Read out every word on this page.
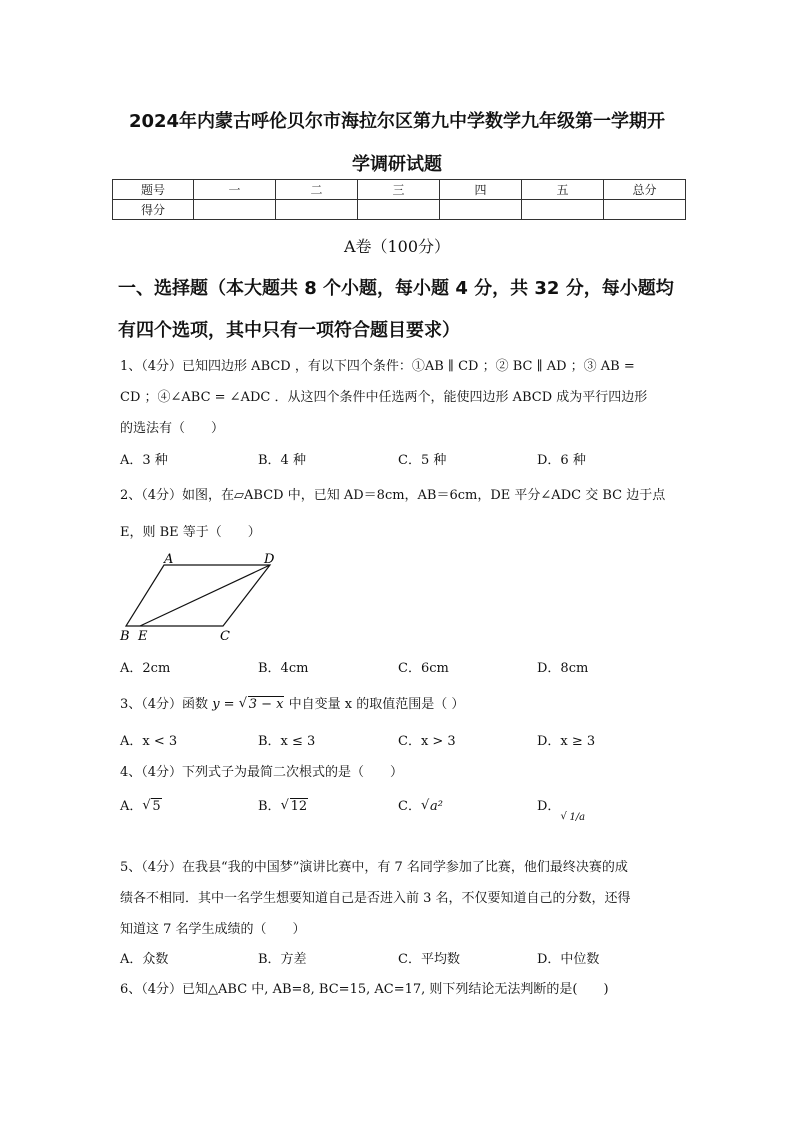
2024年内蒙古呼伦贝尔市海拉尔区第九中学数学九年级第一学期开
学调研试题
题号	一	二	三	四	五	总分
得分						
A卷（100分）
一、选择题（本大题共 8 个小题，每小题 4 分，共 32 分，每小题均
有四个选项，其中只有一项符合题目要求）
1、（4分）已知四边形 ABCD ，有以下四个条件：①AB ∥ CD ；② BC ∥ AD ；③ AB =
CD ；④∠ABC = ∠ADC ．从这四个条件中任选两个，能使四边形 ABCD 成为平行四边形
的选法有（　　）
A．3 种	B．4 种	C．5 种	D．6 种
2、（4分）如图，在▱ABCD 中，已知 AD＝8cm，AB＝6cm，DE 平分∠ADC 交 BC 边于点
E，则 BE 等于（　　）
A	D
B E	C
A．2cm	B．4cm	C．6cm	D．8cm
3、（4分）函数 y = √ 3 − x 中自变量 x 的取值范围是（ ）
A．x < 3	B．x ≤ 3	C．x > 3	D．x ≥ 3
4、（4分）下列式子为最简二次根式的是（　　）
A． √ 5	B． √ 12	C． √ a²	D．√ 1/a
5、（4分）在我县“我的中国梦”演讲比赛中，有 7 名同学参加了比赛，他们最终决赛的成
绩各不相同．其中一名学生想要知道自己是否进入前 3 名，不仅要知道自己的分数，还得
知道这 7 名学生成绩的（　　）
A．众数	B．方差	C．平均数	D．中位数
6、（4分）已知△ABC 中, AB=8, BC=15, AC=17, 则下列结论无法判断的是(　　)
